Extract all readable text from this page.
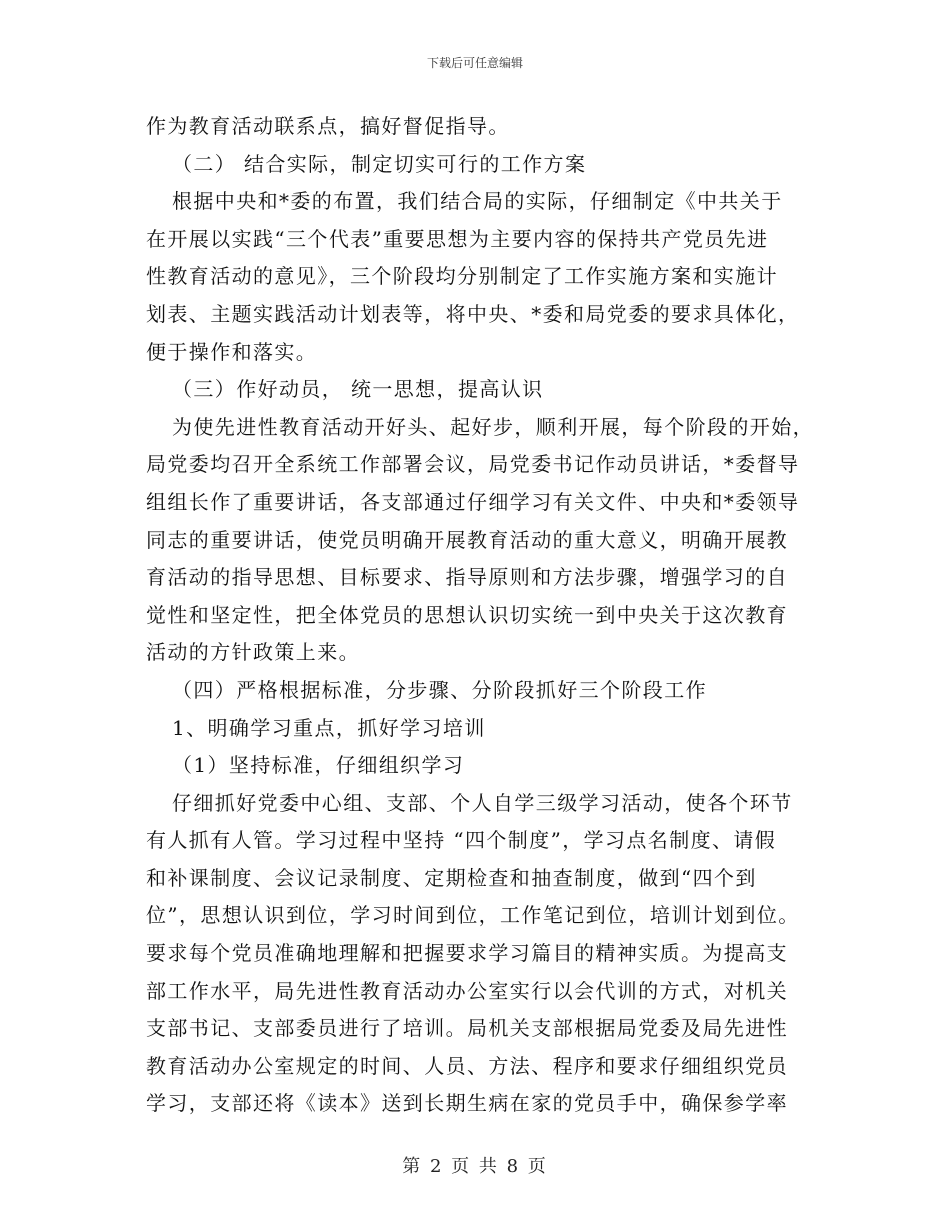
下载后可任意编辑
作为教育活动联系点，搞好督促指导。
（二） 结合实际，制定切实可行的工作方案
根据中央和*委的布置，我们结合局的实际，仔细制定《中共关于
在开展以实践“三个代表”重要思想为主要内容的保持共产党员先进
性教育活动的意见》，三个阶段均分别制定了工作实施方案和实施计
划表、主题实践活动计划表等，将中央、*委和局党委的要求具体化，
便于操作和落实。
（三）作好动员， 统一思想，提高认识
为使先进性教育活动开好头、起好步，顺利开展，每个阶段的开始，
局党委均召开全系统工作部署会议，局党委书记作动员讲话，*委督导
组组长作了重要讲话，各支部通过仔细学习有关文件、中央和*委领导
同志的重要讲话，使党员明确开展教育活动的重大意义，明确开展教
育活动的指导思想、目标要求、指导原则和方法步骤，增强学习的自
觉性和坚定性，把全体党员的思想认识切实统一到中央关于这次教育
活动的方针政策上来。
（四）严格根据标准，分步骤、分阶段抓好三个阶段工作
1、明确学习重点，抓好学习培训
（1）坚持标准，仔细组织学习
仔细抓好党委中心组、支部、个人自学三级学习活动，使各个环节
有人抓有人管。学习过程中坚持 “四个制度”，学习点名制度、请假
和补课制度、会议记录制度、定期检查和抽查制度，做到“四个到
位”，思想认识到位，学习时间到位，工作笔记到位，培训计划到位。
要求每个党员准确地理解和把握要求学习篇目的精神实质。为提高支
部工作水平，局先进性教育活动办公室实行以会代训的方式，对机关
支部书记、支部委员进行了培训。局机关支部根据局党委及局先进性
教育活动办公室规定的时间、人员、方法、程序和要求仔细组织党员
学习，支部还将《读本》送到长期生病在家的党员手中，确保参学率
第 2 页 共 8 页
